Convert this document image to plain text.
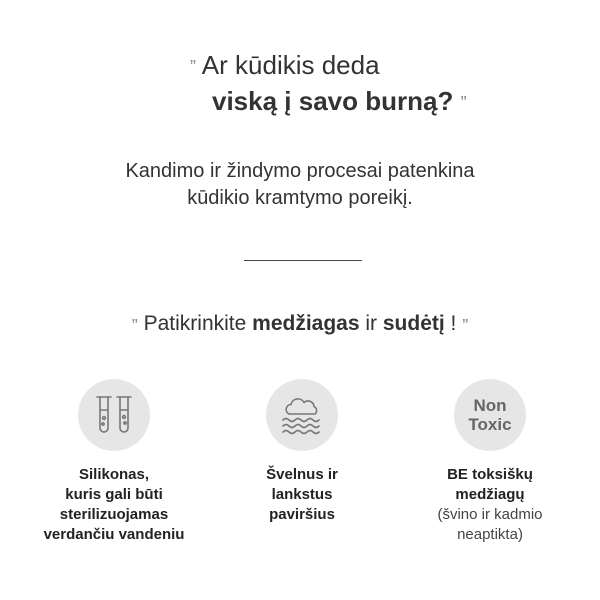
” Ar kūdikis deda
viską į savo burną? ”
Kandimo ir žindymo procesai patenkina
kūdikio kramtymo poreikį.
” Patikrinkite medžiagas ir sudėtį ! ”
Silikonas,
kuris gali būti
sterilizuojamas
verdančiu vandeniu
Švelnus ir
lankstus
paviršius
Non
Toxic
BE toksiškų
medžiagų
(švino ir kadmio
neaptikta)
